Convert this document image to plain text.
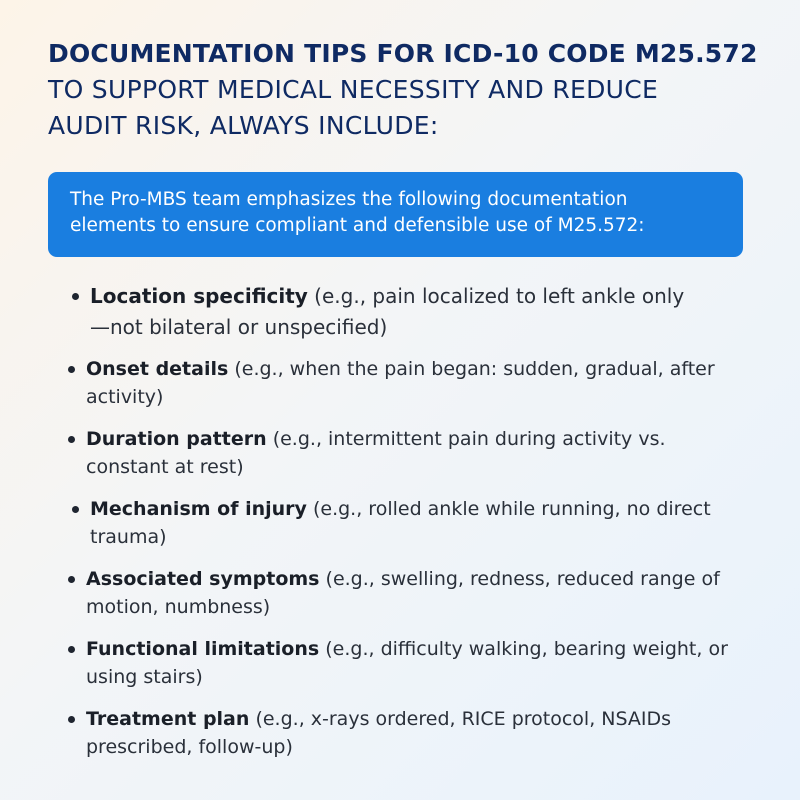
DOCUMENTATION TIPS FOR ICD-10 CODE M25.572
TO SUPPORT MEDICAL NECESSITY AND REDUCE
AUDIT RISK, ALWAYS INCLUDE:
The Pro-MBS team emphasizes the following documentation
elements to ensure compliant and defensible use of M25.572:
Location specificity (e.g., pain localized to left ankle only
—not bilateral or unspecified)
Onset details (e.g., when the pain began: sudden, gradual, after
activity)
Duration pattern (e.g., intermittent pain during activity vs.
constant at rest)
Mechanism of injury (e.g., rolled ankle while running, no direct
trauma)
Associated symptoms (e.g., swelling, redness, reduced range of
motion, numbness)
Functional limitations (e.g., difficulty walking, bearing weight, or
using stairs)
Treatment plan (e.g., x-rays ordered, RICE protocol, NSAIDs
prescribed, follow-up)
